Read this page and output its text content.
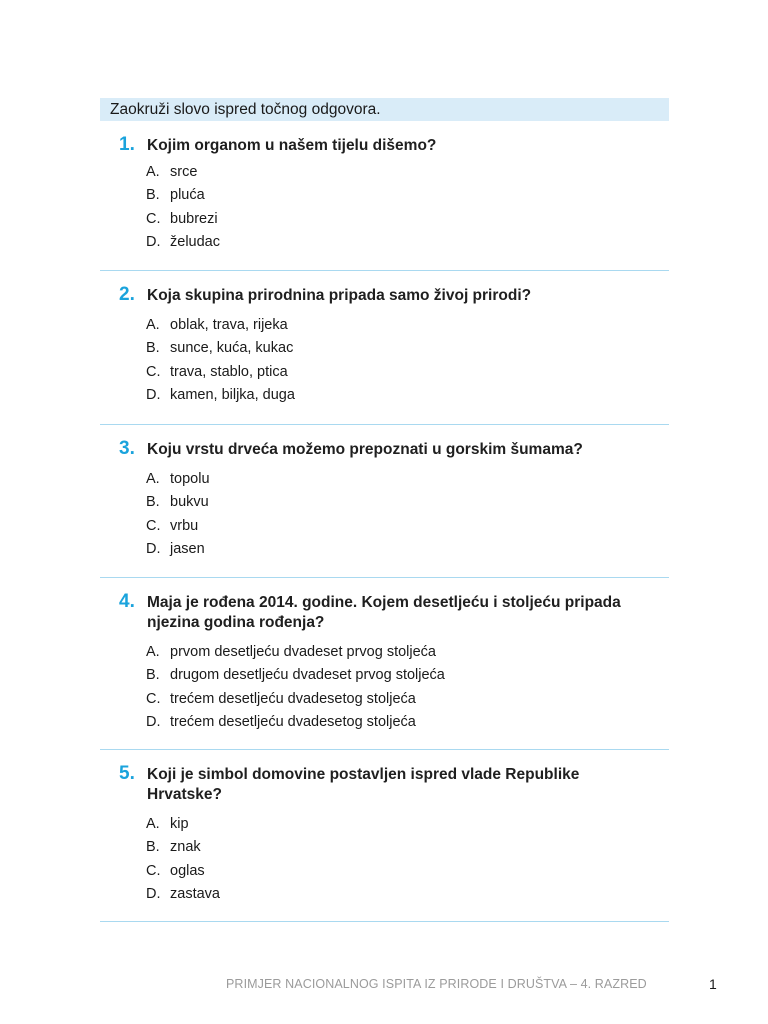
Zaokruži slovo ispred točnog odgovora.
1. Kojim organom u našem tijelu dišemo?
A. srce
B. pluća
C. bubrezi
D. želudac
2. Koja skupina prirodnina pripada samo živoj prirodi?
A. oblak, trava, rijeka
B. sunce, kuća, kukac
C. trava, stablo, ptica
D. kamen, biljka, duga
3. Koju vrstu drveća možemo prepoznati u gorskim šumama?
A. topolu
B. bukvu
C. vrbu
D. jasen
4. Maja je rođena 2014. godine. Kojem desetljeću i stoljeću pripada
njezina godina rođenja?
A. prvom desetljeću dvadeset prvog stoljeća
B. drugom desetljeću dvadeset prvog stoljeća
C. trećem desetljeću dvadesetog stoljeća
D. trećem desetljeću dvadesetog stoljeća
5. Koji je simbol domovine postavljen ispred vlade Republike
Hrvatske?
A. kip
B. znak
C. oglas
D. zastava
PRIMJER NACIONALNOG ISPITA IZ PRIRODE I DRUŠTVA – 4. RAZRED	1
